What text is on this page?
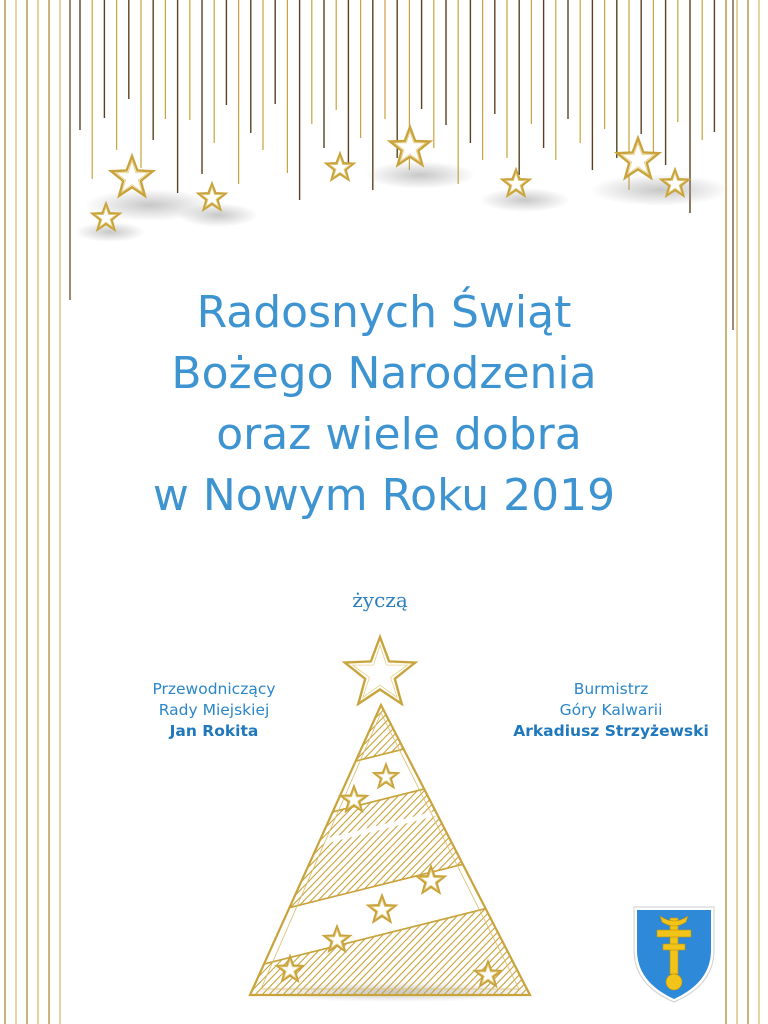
Radosnych Świąt
Bożego Narodzenia
oraz wiele dobra
w Nowym Roku 2019
życzą
Przewodniczący
Rady Miejskiej
Jan Rokita
Burmistrz
Góry Kalwarii
Arkadiusz Strzyżewski
